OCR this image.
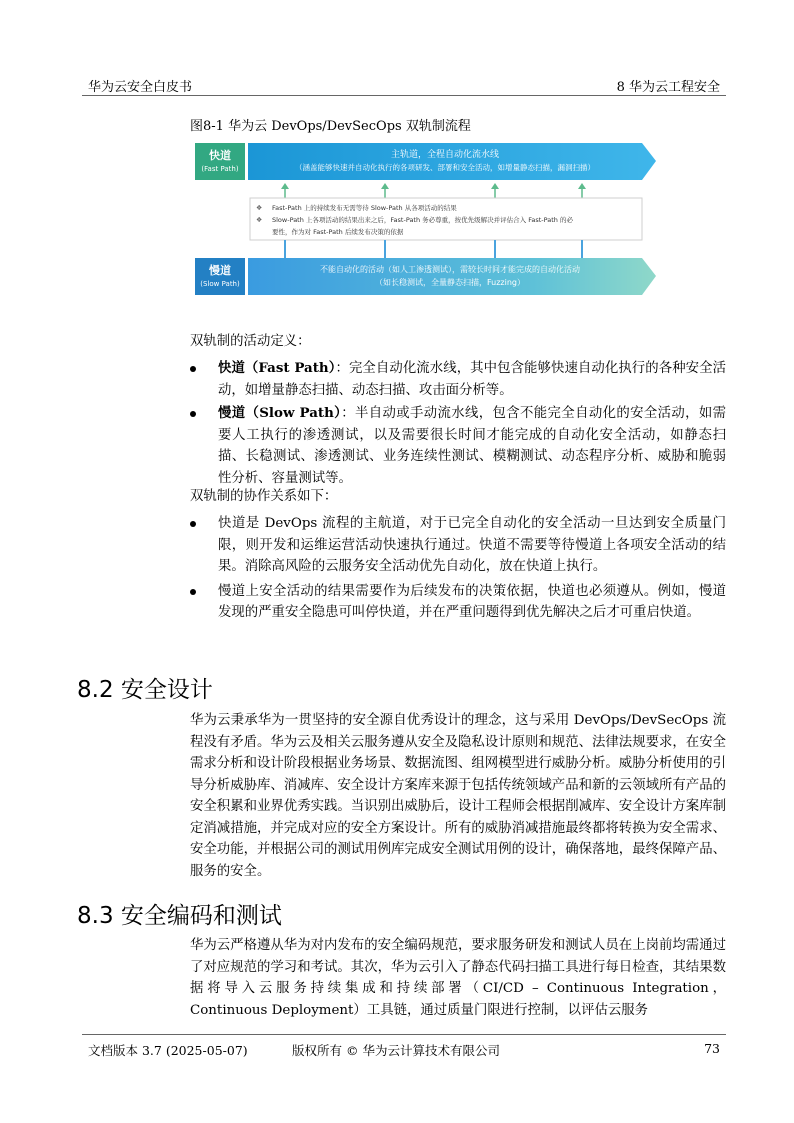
华为云安全白皮书	8 华为云工程安全
图8-1 华为云 DevOps/DevSecOps 双轨制流程
快道
(Fast Path)
主轨道，全程自动化流水线
（涵盖能够快速并自动化执行的各项研发、部署和安全活动，如增量静态扫描，漏洞扫描）
❖ Fast-Path 上的持续发布无需等待 Slow-Path 从各项活动的结果
❖ Slow-Path 上各项活动的结果出来之后，Fast-Path 务必尊重，按优先级解决并评估合入 Fast-Path 的必
要性，作为对 Fast-Path 后续发布决策的依据
慢道
(Slow Path)
不能自动化的活动（如人工渗透测试），需较长时间才能完成的自动化活动
（如长稳测试，全量静态扫描，Fuzzing）

双轨制的活动定义：

快道（Fast Path）：完全自动化流水线，其中包含能够快速自动化执行的各种安全活动，如增量静态扫描、动态扫描、攻击面分析等。
慢道（Slow Path）：半自动或手动流水线，包含不能完全自动化的安全活动，如需要人工执行的渗透测试，以及需要很长时间才能完成的自动化安全活动，如静态扫描、长稳测试、渗透测试、业务连续性测试、模糊测试、动态程序分析、威胁和脆弱性分析、容量测试等。

双轨制的协作关系如下：

快道是 DevOps 流程的主航道，对于已完全自动化的安全活动一旦达到安全质量门限，则开发和运维运营活动快速执行通过。快道不需要等待慢道上各项安全活动的结果。消除高风险的云服务安全活动优先自动化，放在快道上执行。
慢道上安全活动的结果需要作为后续发布的决策依据，快道也必须遵从。例如，慢道发现的严重安全隐患可叫停快道，并在严重问题得到优先解决之后才可重启快道。
8.2 安全设计

华为云秉承华为一贯坚持的安全源自优秀设计的理念，这与采用 DevOps/DevSecOps 流程没有矛盾。华为云及相关云服务遵从安全及隐私设计原则和规范、法律法规要求，在安全需求分析和设计阶段根据业务场景、数据流图、组网模型进行威胁分析。威胁分析使用的引导分析威胁库、消减库、安全设计方案库来源于包括传统领域产品和新的云领域所有产品的安全积累和业界优秀实践。当识别出威胁后，设计工程师会根据削减库、安全设计方案库制定消减措施，并完成对应的安全方案设计。所有的威胁消减措施最终都将转换为安全需求、安全功能，并根据公司的测试用例库完成安全测试用例的设计，确保落地，最终保障产品、服务的安全。

8.3 安全编码和测试

华为云严格遵从华为对内发布的安全编码规范，要求服务研发和测试人员在上岗前均需通过了对应规范的学习和考试。其次，华为云引入了静态代码扫描工具进行每日检查，其结果数据将导入云服务持续集成和持续部署（CI/CD – Continuous Integration， Continuous Deployment）工具链，通过质量门限进行控制，以评估云服务

文档版本 3.7 (2025-05-07)	版权所有 © 华为云计算技术有限公司	73
